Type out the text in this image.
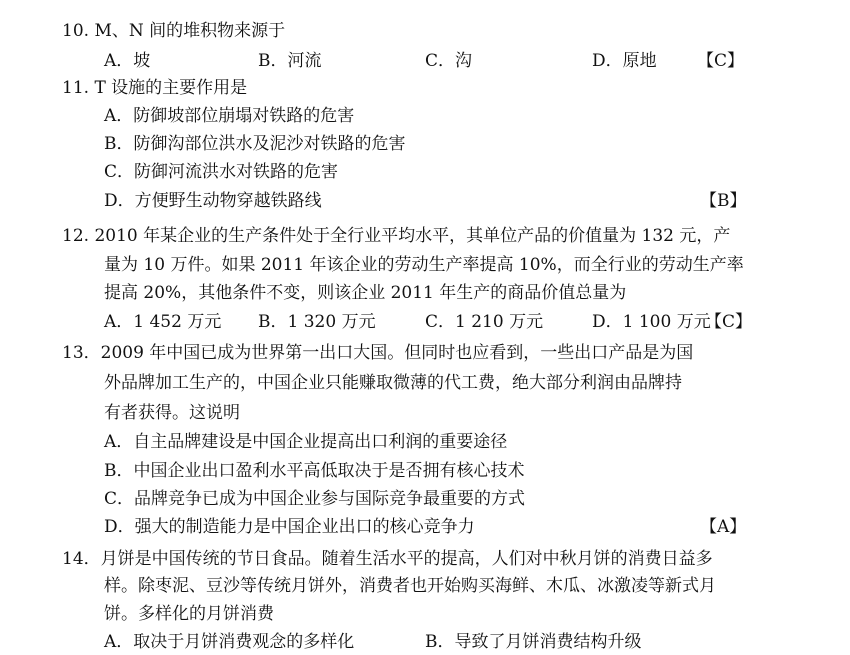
10. M、N 间的堆积物来源于
A．坡	B．河流	C．沟	D．原地 【C】
11. T 设施的主要作用是
A．防御坡部位崩塌对铁路的危害
B．防御沟部位洪水及泥沙对铁路的危害
C．防御河流洪水对铁路的危害
D．方便野生动物穿越铁路线	【B】
12. 2010 年某企业的生产条件处于全行业平均水平，其单位产品的价值量为 132 元，产
量为 10 万件。如果 2011 年该企业的劳动生产率提高 10%，而全行业的劳动生产率
提高 20%，其他条件不变，则该企业 2011 年生产的商品价值总量为
A．1 452 万元 B．1 320 万元	C．1 210 万元	D．1 100 万元
【C】
13．2009 年中国已成为世界第一出口大国。但同时也应看到，一些出口产品是为国
外品牌加工生产的，中国企业只能赚取微薄的代工费，绝大部分利润由品牌持
有者获得。这说明
A．自主品牌建设是中国企业提高出口利润的重要途径
B．中国企业出口盈利水平高低取决于是否拥有核心技术
C．品牌竞争已成为中国企业参与国际竞争最重要的方式
D．强大的制造能力是中国企业出口的核心竞争力	【A】
14．月饼是中国传统的节日食品。随着生活水平的提高，人们对中秋月饼的消费日益多
样。除枣泥、豆沙等传统月饼外，消费者也开始购买海鲜、木瓜、冰激凌等新式月
饼。多样化的月饼消费
A．取决于月饼消费观念的多样化	B．导致了月饼消费结构升级
